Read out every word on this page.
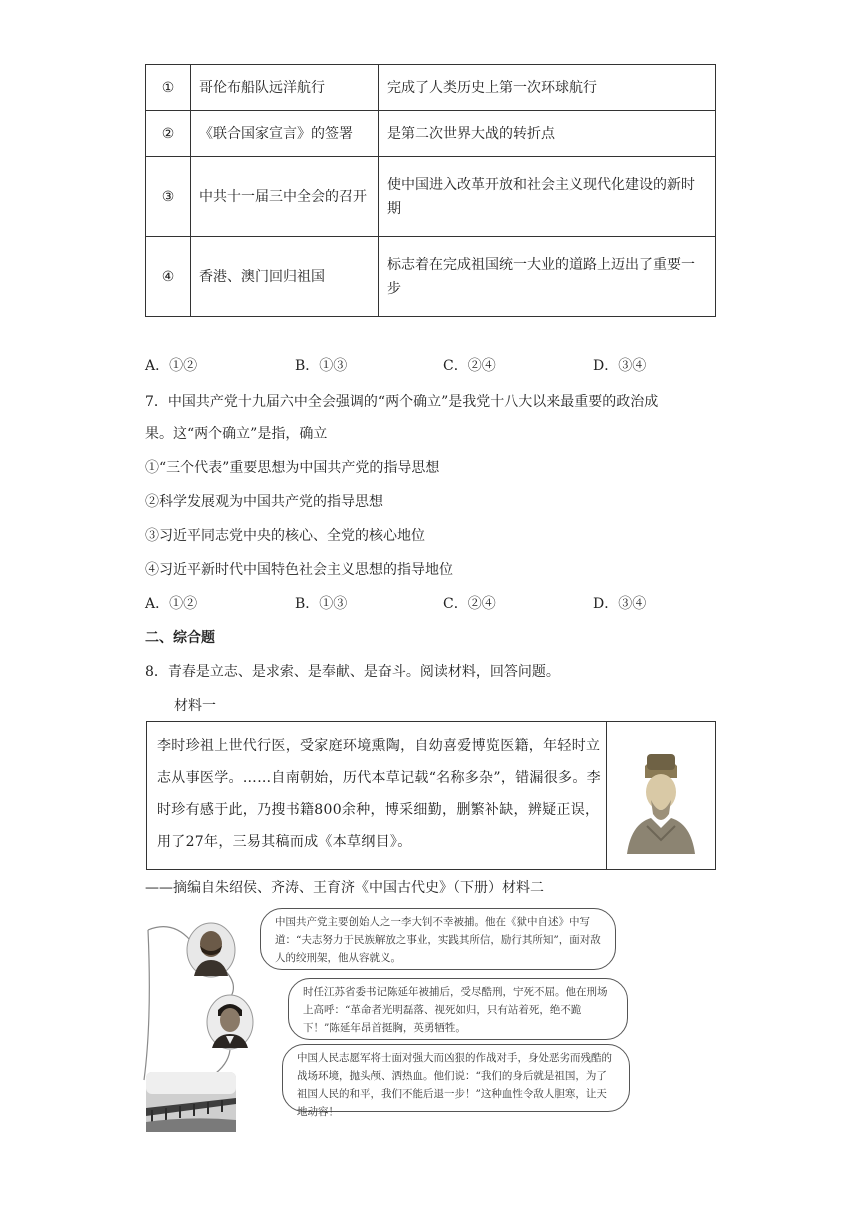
①	哥伦布船队远洋航行	完成了人类历史上第一次环球航行
②	《联合国家宣言》的签署	是第二次世界大战的转折点
③	中共十一届三中全会的召开	使中国进入改革开放和社会主义现代化建设的新时期
④	香港、澳门回归祖国	标志着在完成祖国统一大业的道路上迈出了重要一步
A．①②	B．①③	C．②④	D．③④
7．中国共产党十九届六中全会强调的“两个确立”是我党十八大以来最重要的政治成
果。这“两个确立”是指，确立
①“三个代表”重要思想为中国共产党的指导思想
②科学发展观为中国共产党的指导思想
③习近平同志党中央的核心、全党的核心地位
④习近平新时代中国特色社会主义思想的指导地位
A．①②	B．①③	C．②④	D．③④
二、综合题
8．青春是立志、是求索、是奉献、是奋斗。阅读材料，回答问题。
材料一
李时珍祖上世代行医，受家庭环境熏陶，自幼喜爱博览医籍，年轻时立志从事医学。……自南朝始，历代本草记载“名称多杂”，错漏很多。李时珍有感于此，乃搜书籍800余种，博采细勤，删繁补缺，辨疑正误，用了27年，三易其稿而成《本草纲目》。
——摘编自朱绍侯、齐涛、王育济《中国古代史》（下册）材料二
中国共产党主要创始人之一李大钊不幸被捕。他在《狱中自述》中写道：“夫志努力于民族解放之事业，实践其所信，励行其所知”，面对敌人的绞刑架，他从容就义。
时任江苏省委书记陈延年被捕后，受尽酷刑，宁死不屈。他在刑场上高呼：“革命者光明磊落、视死如归，只有站着死，绝不跪下！”陈延年昂首挺胸，英勇牺牲。
中国人民志愿军将士面对强大而凶狠的作战对手，身处恶劣而残酷的战场环境，抛头颅、洒热血。他们说：“我们的身后就是祖国，为了祖国人民的和平，我们不能后退一步！”这种血性令敌人胆寒，让天地动容！
